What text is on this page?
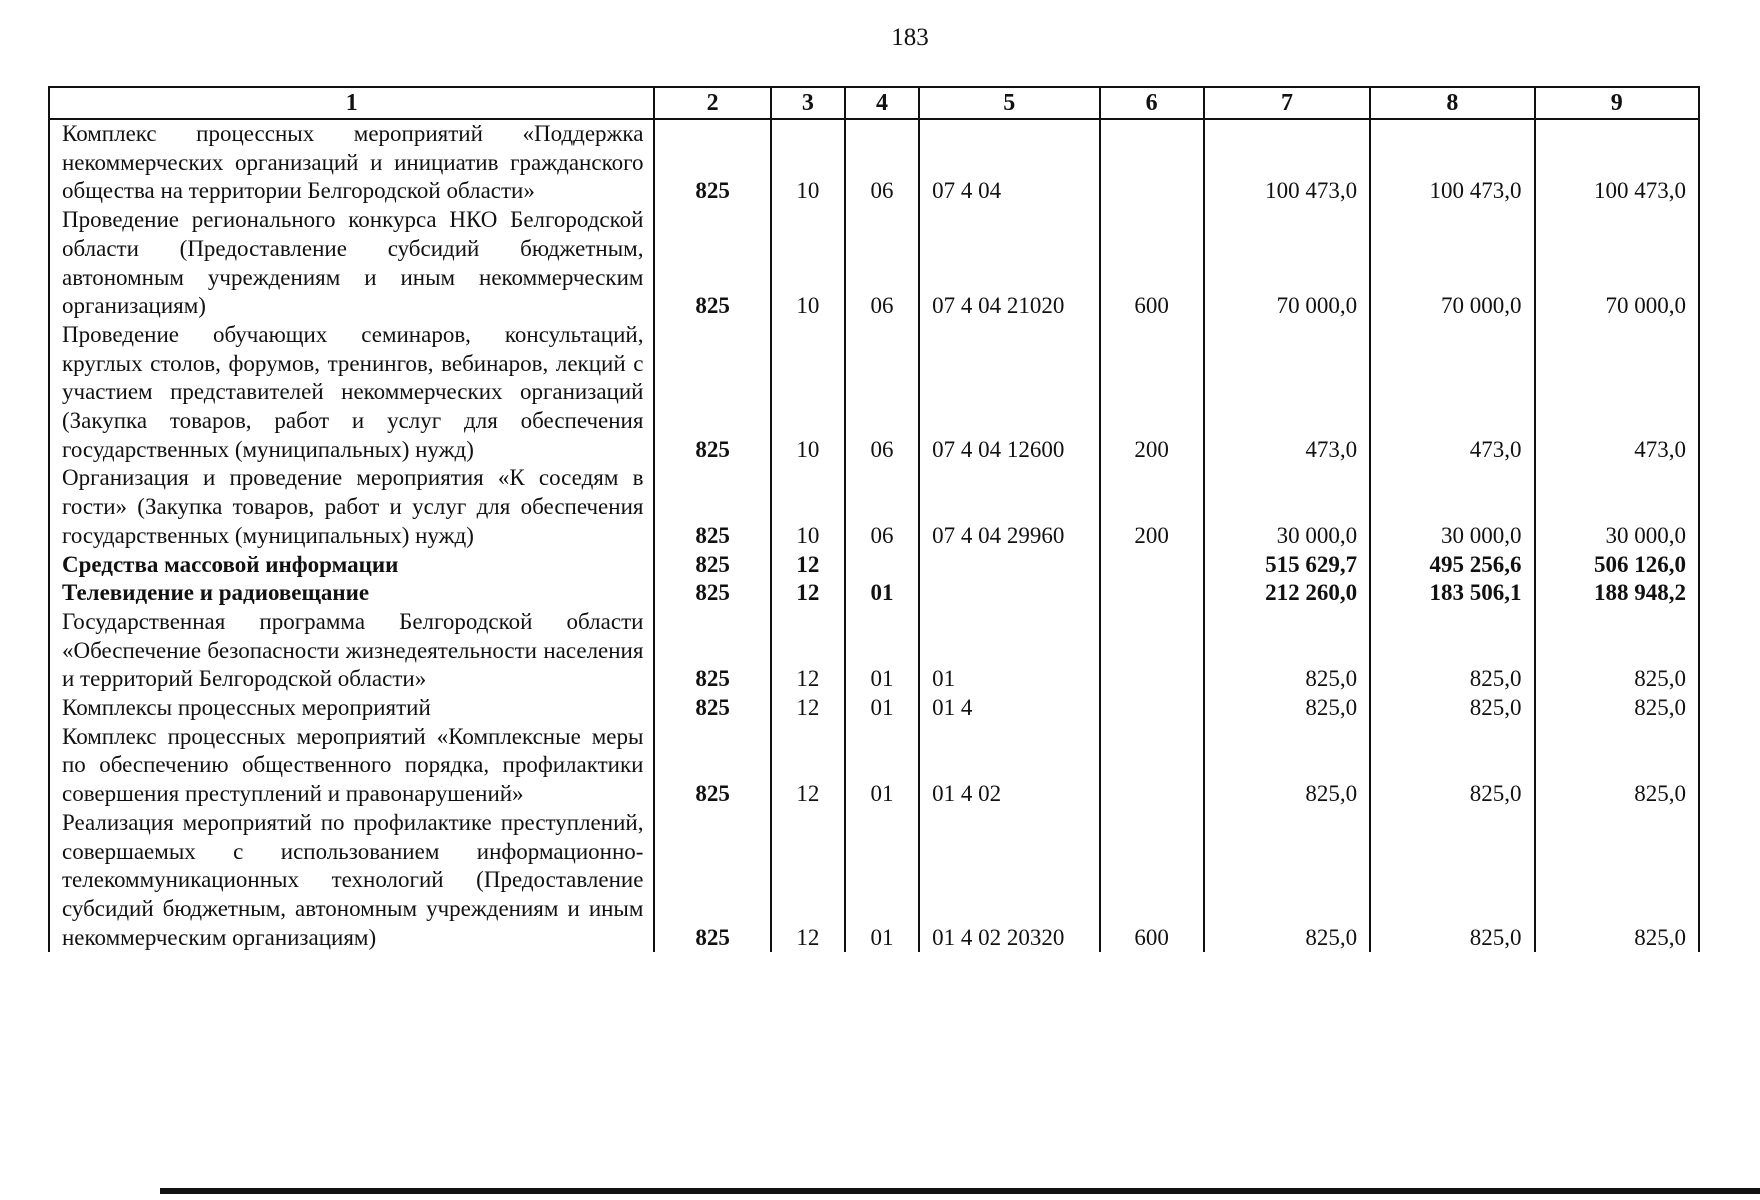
183
1	2	3	4	5	6	7	8	9
Комплекс процессных мероприятий «Поддержка некоммерческих организаций и инициатив гражданского общества на территории Белгородской области»	825	10	06	07 4 04		100 473,0	100 473,0	100 473,0
Проведение регионального конкурса НКО Белгородской области (Предоставление субсидий бюджетным, автономным учреждениям и иным некоммерческим организациям)	825	10	06	07 4 04 21020	600	70 000,0	70 000,0	70 000,0
Проведение обучающих семинаров, консультаций, круглых столов, форумов, тренингов, вебинаров, лекций с участием представителей некоммерческих организаций (Закупка товаров, работ и услуг для обеспечения государственных (муниципальных) нужд)	825	10	06	07 4 04 12600	200	473,0	473,0	473,0
Организация и проведение мероприятия «К соседям в гости» (Закупка товаров, работ и услуг для обеспечения государственных (муниципальных) нужд)	825	10	06	07 4 04 29960	200	30 000,0	30 000,0	30 000,0
Средства массовой информации	825	12				515 629,7	495 256,6	506 126,0
Телевидение и радиовещание	825	12	01			212 260,0	183 506,1	188 948,2
Государственная программа Белгородской области «Обеспечение безопасности жизнедеятельности населения и территорий Белгородской области»	825	12	01	01		825,0	825,0	825,0
Комплексы процессных мероприятий	825	12	01	01 4		825,0	825,0	825,0
Комплекс процессных мероприятий «Комплексные меры по обеспечению общественного порядка, профилактики совершения преступлений и правонарушений»	825	12	01	01 4 02		825,0	825,0	825,0
Реализация мероприятий по профилактике преступлений, совершаемых с использованием информационно-телекоммуникационных технологий (Предоставление субсидий бюджетным, автономным учреждениям и иным некоммерческим организациям)	825	12	01	01 4 02 20320	600	825,0	825,0	825,0
